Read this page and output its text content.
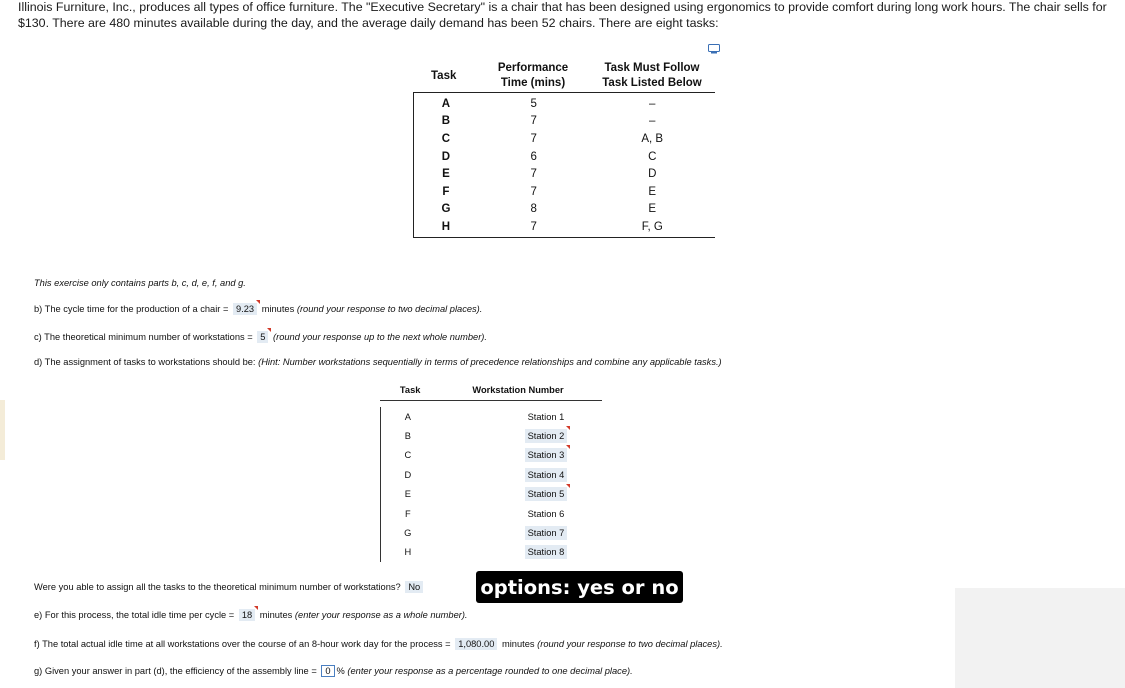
Illinois Furniture, Inc., produces all types of office furniture. The "Executive Secretary" is a chair that has been designed using ergonomics to provide comfort during long work hours. The chair sells for $130. There are 480 minutes available during the day, and the average daily demand has been 52 chairs. There are eight tasks:
Task
Performance
Time (mins)
Task Must Follow
Task Listed Below
A	5	–
B	7	–
C	7	A, B
D	6	C
E	7	D
F	7	E
G	8	E
H	7	F, G
This exercise only contains parts b, c, d, e, f, and g.
b) The cycle time for the production of a chair = 9.23 minutes (round your response to two decimal places).
c) The theoretical minimum number of workstations = 5 (round your response up to the next whole number).
d) The assignment of tasks to workstations should be: (Hint: Number workstations sequentially in terms of precedence relationships and combine any applicable tasks.)
Task	Workstation Number
A	Station 1
B	Station 2
C	Station 3
D	Station 4
E	Station 5
F	Station 6
G	Station 7
H	Station 8
Were you able to assign all the tasks to the theoretical minimum number of workstations? No	options: yes or no
e) For this process, the total idle time per cycle = 18 minutes (enter your response as a whole number).
f) The total actual idle time at all workstations over the course of an 8-hour work day for the process = 1,080.00 minutes (round your response to two decimal places).
g) Given your answer in part (d), the efficiency of the assembly line = 0 % (enter your response as a percentage rounded to one decimal place).
